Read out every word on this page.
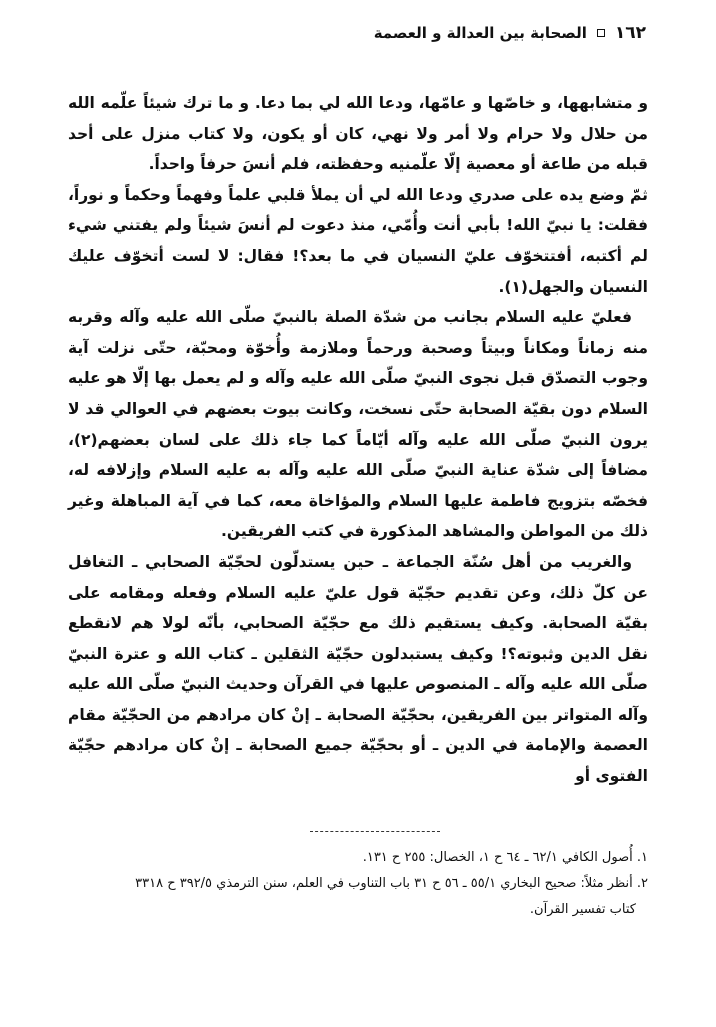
١٦٢
الصحابة بين العدالة و العصمة

و متشابهها، و خاصّها و عامّها، ودعا الله لي بما دعا. و ما ترك شيئاً علّمه الله من حلال ولا حرام ولا أمر ولا نهي، كان أو يكون، ولا كتاب منزل على أحد قبله من طاعة أو معصية إلّا علّمنيه وحفظته، فلم أنسَ حرفاً واحداً.

ثمّ وضع يده على صدري ودعا الله لي أن يملأ قلبي علماً وفهماً وحكماً و نوراً، فقلت: يا نبيّ الله! بأبي أنت وأُمّي، منذ دعوت لم أنسَ شيئاً ولم يفتني شيء لم أكتبه، أفتتخوّف عليّ النسيان في ما بعد؟! فقال: لا لست أتخوّف عليك النسيان والجهل(١).

فعليّ عليه السلام بجانب من شدّة الصلة بالنبيّ صلّى الله عليه وآله وقربه منه زماناً ومكاناً وبيتاً وصحبة ورحماً وملازمة وأُخوّة ومحبّة، حتّى نزلت آية وجوب التصدّق قبل نجوى النبيّ صلّى الله عليه وآله و لم يعمل بها إلّا هو عليه السلام دون بقيّة الصحابة حتّى نسخت، وكانت بيوت بعضهم في العوالي قد لا يرون النبيّ صلّى الله عليه وآله أيّاماً كما جاء ذلك على لسان بعضهم(٢)، مضافاً إلى شدّة عناية النبيّ صلّى الله عليه وآله به عليه السلام وإزلافه له، فخصّه بتزويج فاطمة عليها السلام والمؤاخاة معه، كما في آية المباهلة وغير ذلك من المواطن والمشاهد المذكورة في كتب الفريقين.

والغريب من أهل سُنّة الجماعة ـ حين يستدلّون لحجّيّة الصحابي ـ التغافل عن كلّ ذلك، وعن تقديم حجّيّة قول عليّ عليه السلام وفعله ومقامه على بقيّة الصحابة. وكيف يستقيم ذلك مع حجّيّة الصحابي، بأنّه لولا هم لانقطع نقل الدين وثبوته؟! وكيف يستبدلون حجّيّة الثقلين ـ كتاب الله و عترة النبيّ صلّى الله عليه وآله ـ المنصوص عليها في القرآن وحديث النبيّ صلّى الله عليه وآله المتواتر بين الفريقين، بحجّيّة الصحابة ـ إنْ كان مرادهم من الحجّيّة مقام العصمة والإمامة في الدين ـ أو بحجّيّة جميع الصحابة ـ إنْ كان مرادهم حجّيّة الفتوى أو

١. أُصول الكافي ٦٢/١ ـ ٦٤ ح ١، الخصال: ٢٥٥ ح ١٣١.

٢. أنظر مثلاً: صحيح البخاري ٥٥/١ ـ ٥٦ ح ٣١ باب التناوب في العلم، سنن الترمذي ٣٩٢/٥ ح ٣٣١٨

كتاب تفسير القرآن.
